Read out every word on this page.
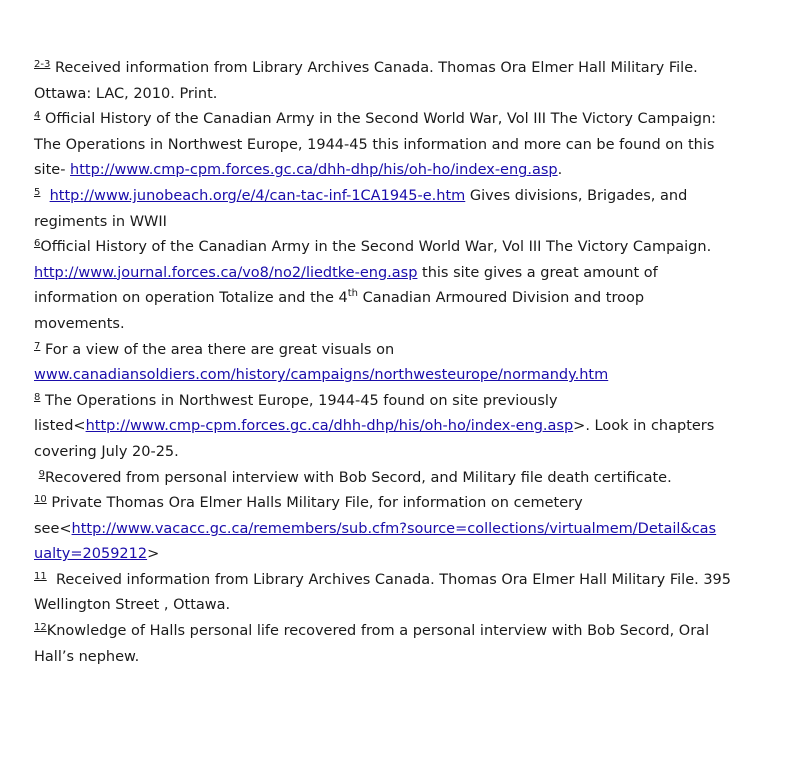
$^{2-3}$ Received information from Library Archives Canada. Thomas Ora Elmer Hall Military File.
Ottawa: LAC, 2010. Print.
$^4$ Official History of the Canadian Army in the Second World War, Vol III The Victory Campaign:
The Operations in Northwest Europe, 1944-45 this information and more can be found on this
site- http://www.cmp-cpm.forces.gc.ca/dhh-dhp/his/oh-ho/index-eng.asp.
$^5$ http://www.junobeach.org/e/4/can-tac-inf-1CA1945-e.htm Gives divisions, Brigades, and
regiments in WWII
$^6$Official History of the Canadian Army in the Second World War, Vol III The Victory Campaign.
http://www.journal.forces.ca/vo8/no2/liedtke-eng.asp this site gives a great amount of
information on operation Totalize and the 4th Canadian Armoured Division and troop
movements.
$^7$ For a view of the area there are great visuals on
www.canadiansoldiers.com/history/campaigns/northwesteurope/normandy.htm
$^8$ The Operations in Northwest Europe, 1944-45 found on site previously
listed<http://www.cmp-cpm.forces.gc.ca/dhh-dhp/his/oh-ho/index-eng.asp>. Look in chapters
covering July 20-25.
$^9$Recovered from personal interview with Bob Secord, and Military file death certificate.
$^{10}$ Private Thomas Ora Elmer Halls Military File, for information on cemetery
see<http://www.vacacc.gc.ca/remembers/sub.cfm?source=collections/virtualmem/Detail&cas
ualty=2059212>
$^{11}$ Received information from Library Archives Canada. Thomas Ora Elmer Hall Military File. 395
Wellington Street , Ottawa.
$^{12}$Knowledge of Halls personal life recovered from a personal interview with Bob Secord, Oral
Hall’s nephew.
